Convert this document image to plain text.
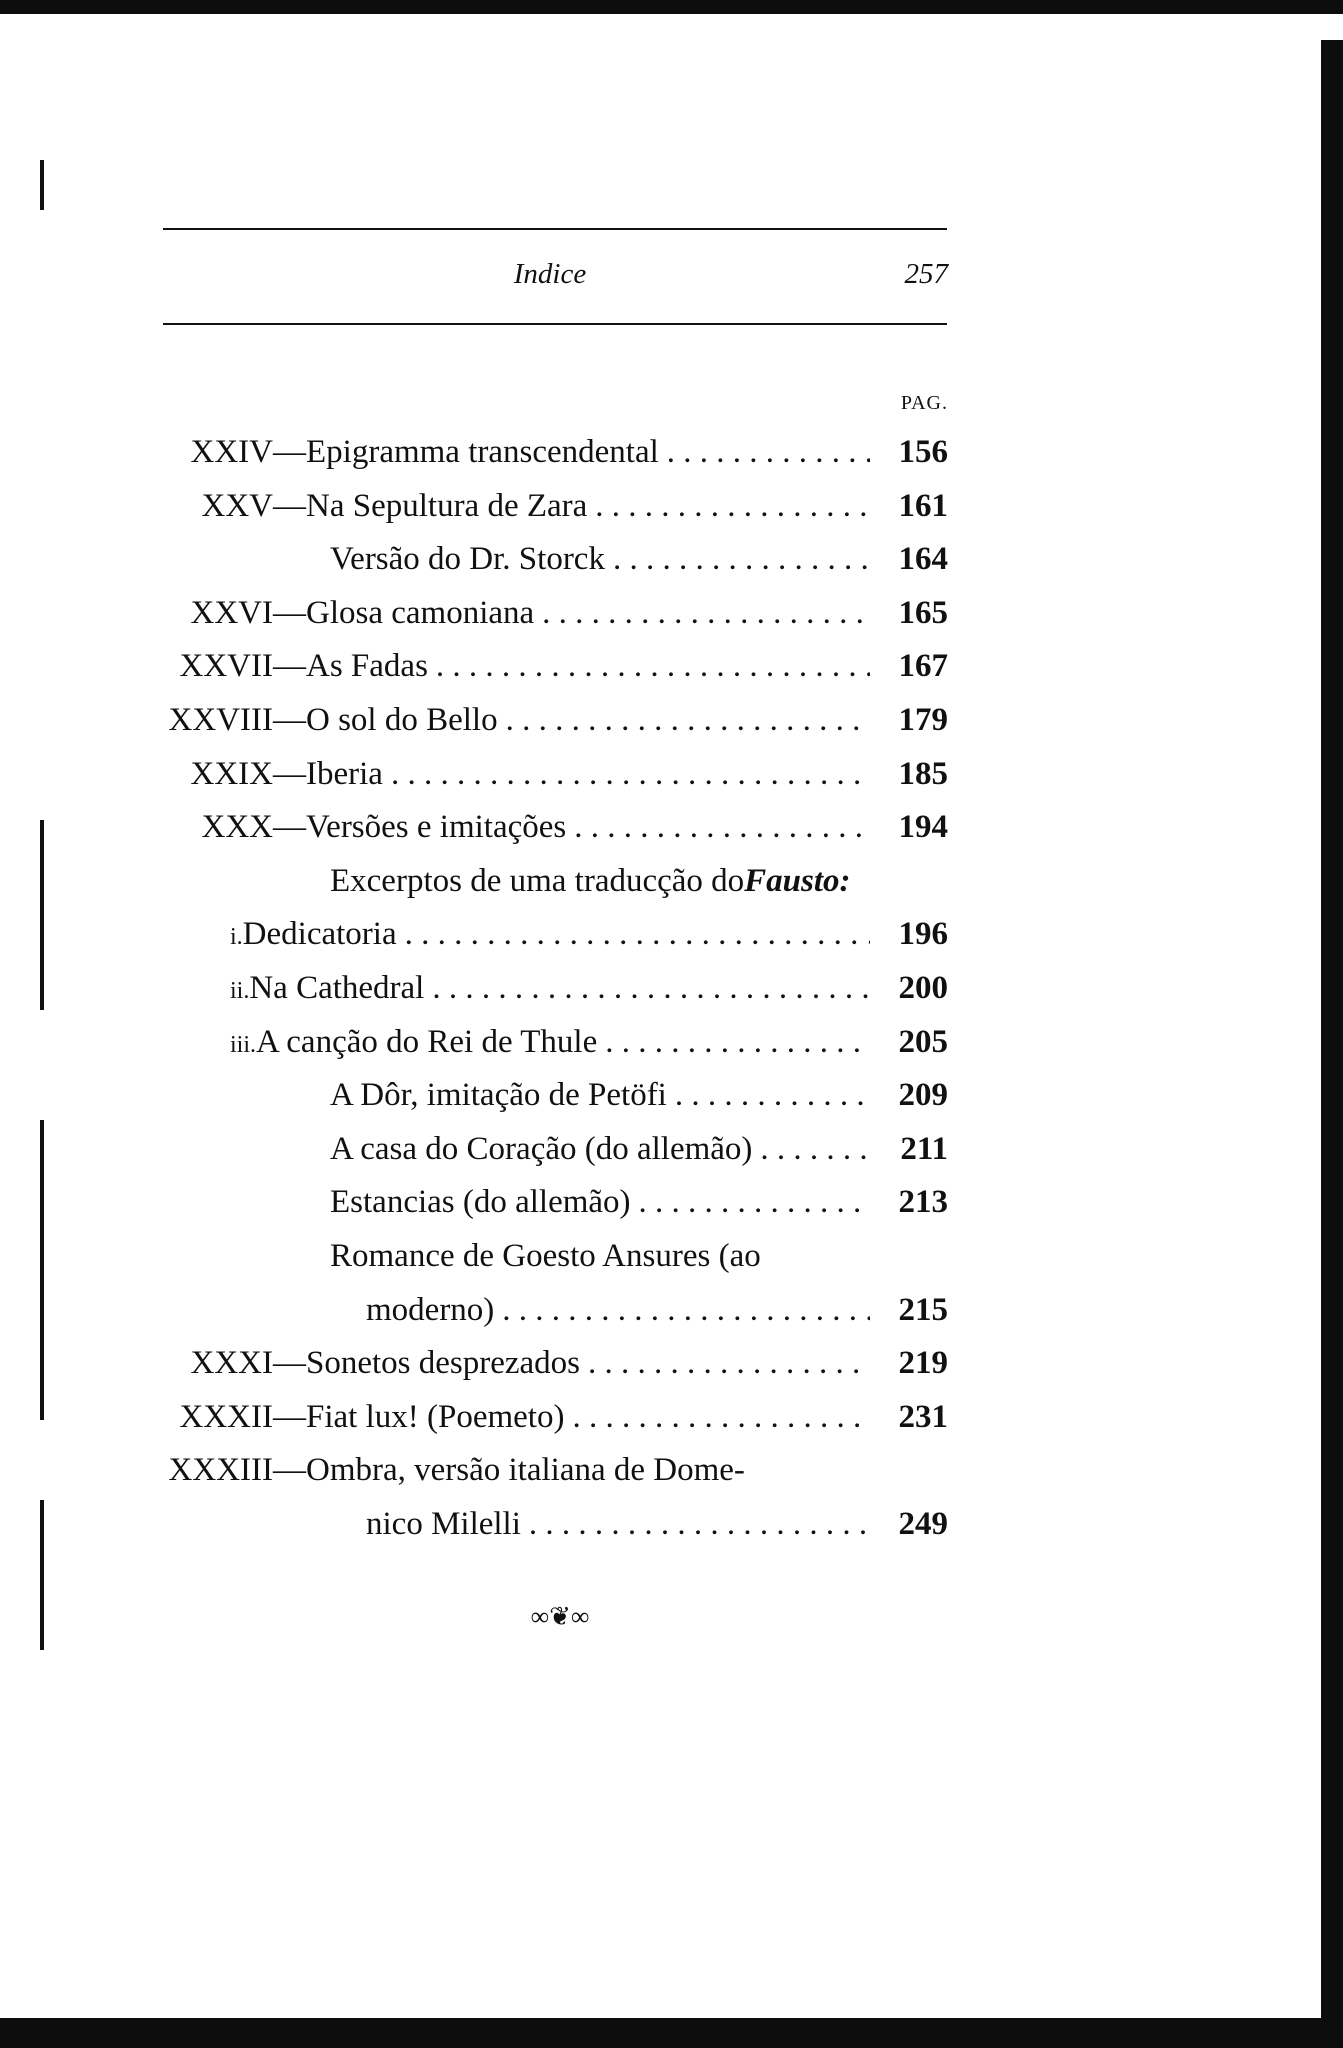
Indice	257
PAG.
XXIV— Epigramma transcendental . . .	156
XXV— Na Sepultura de Zara . . .	161
Versão do Dr. Storck . . .	164
XXVI— Glosa camoniana . . .	165
XXVII— As Fadas . . .	167
XXVIII— O sol do Bello . . .	179
XXIX— Iberia . . .	185
XXX— Versões e imitações . . .	194
Excerptos de uma traducção do Fausto:
i. Dedicatoria . . .	196
ii. Na Cathedral . . .	200
iii. A canção do Rei de Thule . . .	205
A Dôr, imitação de Petöfi . . .	209
A casa do Coração (do allemão) . . .	211
Estancias (do allemão) . . .	213
Romance de Goesto Ansures (ao
moderno) . . .	215
XXXI— Sonetos desprezados . . .	219
XXXII— Fiat lux! (Poemeto) . . .	231
XXXIII— Ombra, versão italiana de Dome-
nico Milelli . . .	249
∞❦∞
